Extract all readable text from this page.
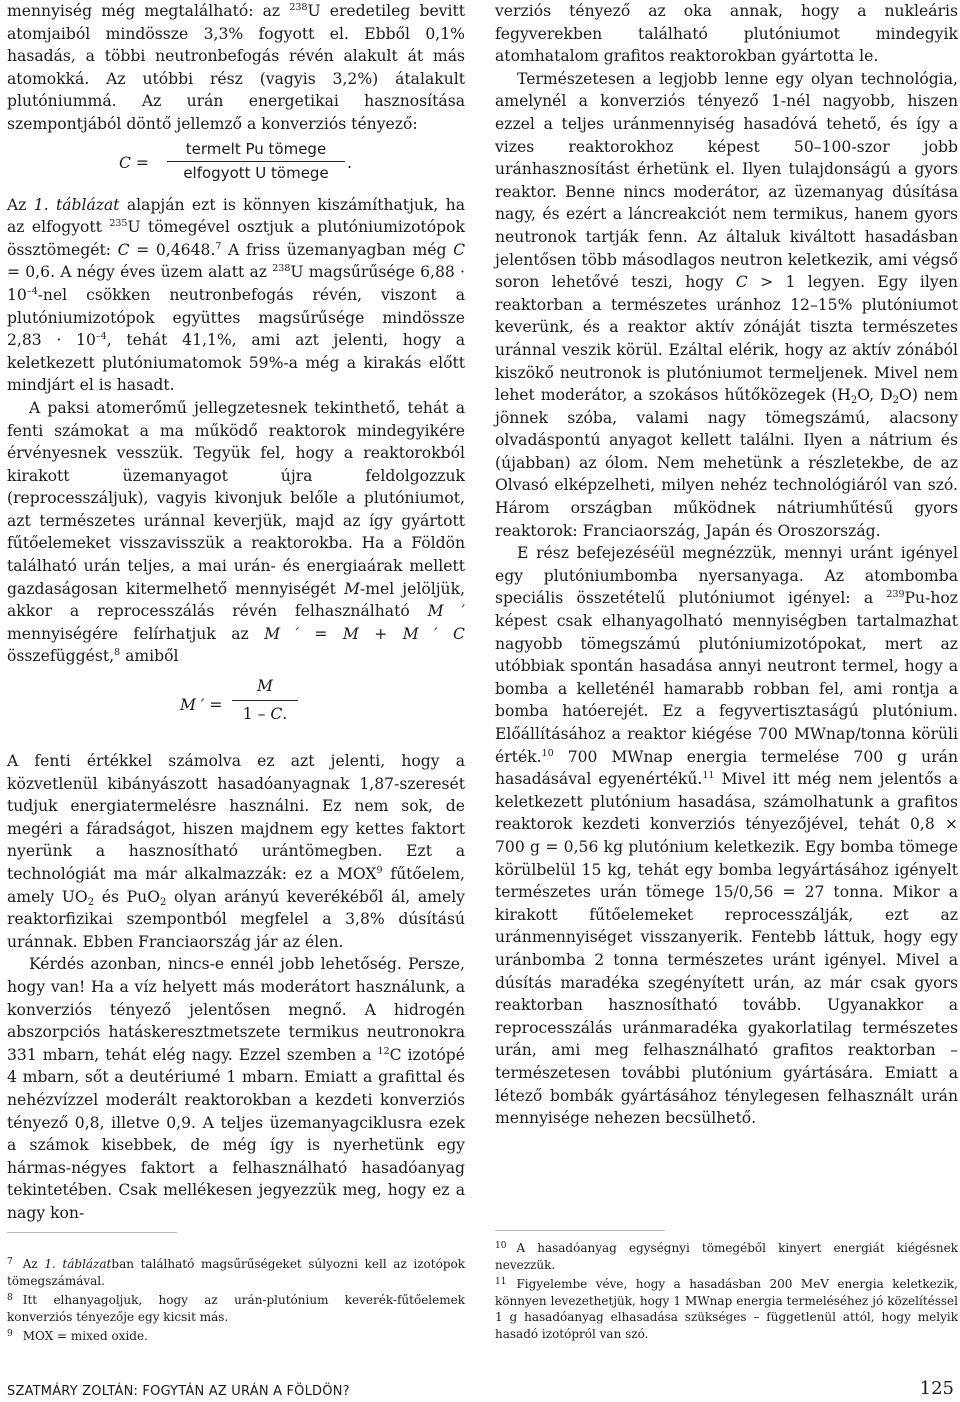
mennyiség még megtalálható: az $^{238}$U eredetileg bevitt atomjaiból mindössze 3,3% fogyott el. Ebből 0,1% hasadás, a többi neutronbefogás révén alakult át más atomokká. Az utóbbi rész (vagyis 3,2%) átalakult plutóniummá. Az urán energetikai hasznosítása szempontjából döntő jellemző a konverziós tényező:

C =
termelt Pu tömege
elfogyott U tömege
.

Az 1. táblázat alapján ezt is könnyen kiszámíthatjuk, ha az elfogyott $^{235}$U tömegével osztjuk a plutóniumizotópok össztömegét: C = 0,4648.$^7$ A friss üzemanyagban még C = 0,6. A négy éves üzem alatt az $^{238}$U magsűrűsége $6,88 \cdot 10^{-4}$-nel csökken neutronbefogás révén, viszont a plutóniumizotópok együttes magsűrűsége mindössze $2,83 \cdot 10^{-4}$, tehát 41,1%, ami azt jelenti, hogy a keletkezett plutóniumatomok 59%-a még a kirakás előtt mindjárt el is hasadt.

A paksi atomerőmű jellegzetesnek tekinthető, tehát a fenti számokat a ma működő reaktorok mindegyikére érvényesnek vesszük. Tegyük fel, hogy a reaktorokból kirakott üzemanyagot újra feldolgozzuk (reprocesszáljuk), vagyis kivonjuk belőle a plutóniumot, azt természetes uránnal keverjük, majd az így gyártott fűtőelemeket visszavisszük a reaktorokba. Ha a Földön található urán teljes, a mai urán- és energiaárak mellett gazdaságosan kitermelhető mennyiségét M-mel jelöljük, akkor a reprocesszálás révén felhasználható M ′ mennyiségére felírhatjuk az M ′ = M + M ′ C összefüggést,$^8$ amiből

M ′ = $\frac{M}{1 - C.}$

A fenti értékkel számolva ez azt jelenti, hogy a közvetlenül kibányászott hasadóanyagnak 1,87-szeresét tudjuk energiatermelésre használni. Ez nem sok, de megéri a fáradságot, hiszen majdnem egy kettes faktort nyerünk a hasznosítható urántömegben. Ezt a technológiát ma már alkalmazzák: ez a MOX$^9$ fűtőelem, amely $UO_2$ és PuO$_2$ olyan arányú keverékéből ál, amely reaktorfizikai szempontból megfelel a 3,8% dúsítású uránnak. Ebben Franciaország jár az élen.

Kérdés azonban, nincs-e ennél jobb lehetőség. Persze, hogy van! Ha a víz helyett más moderátort használunk, a konverziós tényező jelentősen megnő. A hidrogén abszorpciós hatáskeresztmetszete termikus neutronokra 331 mbarn, tehát elég nagy. Ezzel szemben a $^{12}$C izotópé 4 mbarn, sőt a deutériumé 1 mbarn. Emiatt a grafittal és nehézvízzel moderált reaktorokban a kezdeti konverziós tényező 0,8, illetve 0,9. A teljes üzemanyagciklusra ezek a számok kisebbek, de még így is nyerhetünk egy hármas-négyes faktort a felhasználható hasadóanyag tekintetében. Csak mellékesen jegyezzük meg, hogy ez a nagy kon-

verziós tényező az oka annak, hogy a nukleáris fegyverekben található plutóniumot mindegyik atomhatalom grafitos reaktorokban gyártotta le.

Természetesen a legjobb lenne egy olyan technológia, amelynél a konverziós tényező 1-nél nagyobb, hiszen ezzel a teljes uránmennyiség hasadóvá tehető, és így a vizes reaktorokhoz képest 50–100-szor jobb uránhasznosítást érhetünk el. Ilyen tulajdonságú a gyors reaktor. Benne nincs moderátor, az üzemanyag dúsítása nagy, és ezért a láncreakciót nem termikus, hanem gyors neutronok tartják fenn. Az általuk kiváltott hasadásban jelentősen több másodlagos neutron keletkezik, ami végső soron lehetővé teszi, hogy C > 1 legyen. Egy ilyen reaktorban a természetes uránhoz 12–15% plutóniumot keverünk, és a reaktor aktív zónáját tiszta természetes uránnal veszik körül. Ezáltal elérik, hogy az aktív zónából kiszökő neutronok is plutóniumot termeljenek. Mivel nem lehet moderátor, a szokásos hűtőközegek ($H_2O$, $D_2O$) nem jönnek szóba, valami nagy tömegszámú, alacsony olvadáspontú anyagot kellett találni. Ilyen a nátrium és (újabban) az ólom. Nem mehetünk a részletekbe, de az Olvasó elképzelheti, milyen nehéz technológiáról van szó. Három országban működnek nátriumhűtésű gyors reaktorok: Franciaország, Japán és Oroszország.

E rész befejezéséül megnézzük, mennyi uránt igényel egy plutóniumbomba nyersanyaga. Az atombomba speciális összetételű plutóniumot igényel: a $^{239}$Pu-hoz képest csak elhanyagolható mennyiségben tartalmazhat nagyobb tömegszámú plutóniumizotópokat, mert az utóbbiak spontán hasadása annyi neutront termel, hogy a bomba a kelleténél hamarabb robban fel, ami rontja a bomba hatóerejét. Ez a fegyvertisztaságú plutónium. Előállításához a reaktor kiégése 700 MWnap/tonna körüli érték.$^{10}$ 700 MWnap energia termelése 700 g urán hasadásával egyenértékű.$^{11}$ Mivel itt még nem jelentős a keletkezett plutónium hasadása, számolhatunk a grafitos reaktorok kezdeti konverziós tényezőjével, tehát 0,8 × 700 g = 0,56 kg plutónium keletkezik. Egy bomba tömege körülbelül 15 kg, tehát egy bomba legyártásához igényelt természetes urán tömege 15/0,56 = 27 tonna. Mikor a kirakott fűtőelemeket reprocesszálják, ezt az uránmennyiséget visszanyerik. Fentebb láttuk, hogy egy uránbomba 2 tonna természetes uránt igényel. Mivel a dúsítás maradéka szegényített urán, az már csak gyors reaktorban hasznosítható tovább. Ugyanakkor a reprocesszálás uránmaradéka gyakorlatilag természetes urán, ami meg felhasználható grafitos reaktorban – természetesen további plutónium gyártására. Emiatt a létező bombák gyártásához ténylegesen felhasznált urán mennyisége nehezen becsülhető.

$^7$ Az 1. táblázatban található magsűrűségeket súlyozni kell az izotópok tömegszámával.

$^8$ Itt elhanyagoljuk, hogy az urán-plutónium keverék-fűtőelemek konverziós tényezője egy kicsit más.

$^9$ MOX = mixed oxide.

$^{10}$ A hasadóanyag egységnyi tömegéből kinyert energiát kiégésnek nevezzük.

$^{11}$ Figyelembe véve, hogy a hasadásban 200 MeV energia keletkezik, könnyen levezethetjük, hogy 1 MWnap energia termeléséhez jó közelítéssel 1 g hasadóanyag elhasadása szükséges – függetlenül attól, hogy melyik hasadó izotópról van szó.

SZATMÁRY ZOLTÁN: FOGYTÁN AZ URÁN A FÖLDÖN?	125
